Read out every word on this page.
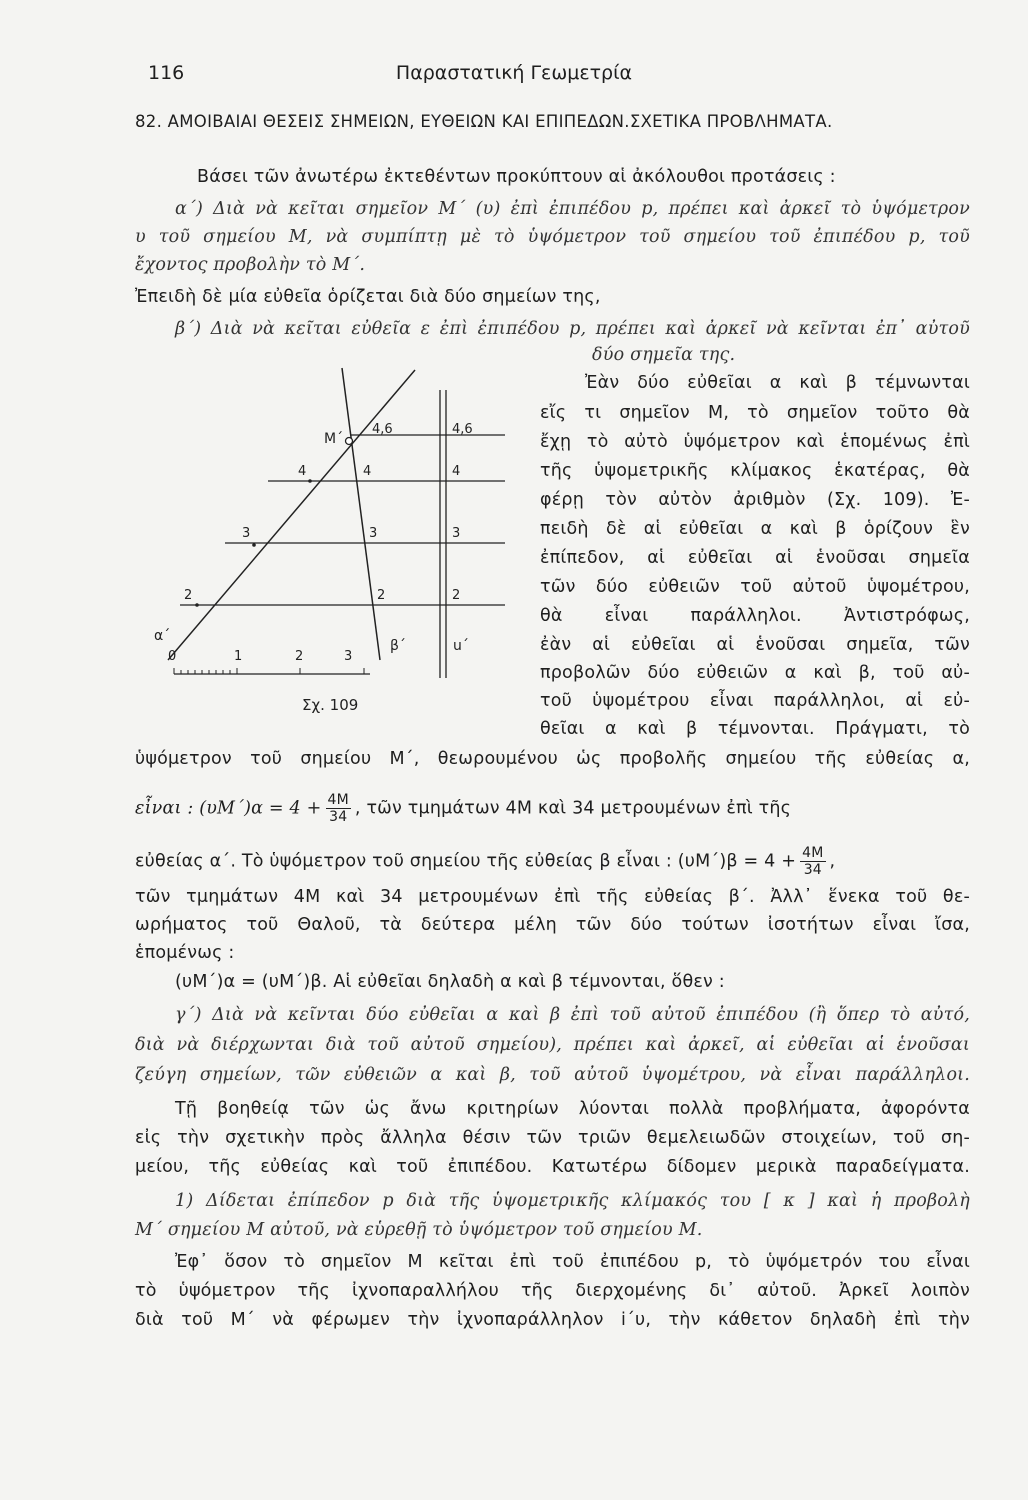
116	Παραστατική Γεωμετρία
82. ΑΜΟΙΒΑΙΑΙ ΘΕΣΕΙΣ ΣΗΜΕΙΩΝ, ΕΥΘΕΙΩΝ ΚΑΙ ΕΠΙΠΕΔΩΝ.ΣΧΕΤΙΚΑ ΠΡΟΒΛΗΜΑΤΑ.
Βάσει τῶν ἀνωτέρω ἐκτεθέντων προκύπτουν αἱ ἀκόλουθοι προτάσεις :
α΄) Διὰ νὰ κεῖται σημεῖον M΄ (υ) ἐπὶ ἐπιπέδου p, πρέπει καὶ ἀρκεῖ τὸ ὑψόμετρον
υ τοῦ σημείου M, νὰ συμπίπτῃ μὲ τὸ ὑψόμετρον τοῦ σημείου τοῦ ἐπιπέδου p, τοῦ
ἔχοντος προβολὴν τὸ M΄.
Ἐπειδὴ δὲ μία εὐθεῖα ὁρίζεται διὰ δύο σημείων της,
β΄) Διὰ νὰ κεῖται εὐθεῖα ε ἐπὶ ἐπιπέδου p, πρέπει καὶ ἀρκεῖ νὰ κεῖνται ἐπ᾽ αὐτοῦ
δύο σημεῖα της.
Ἐὰν δύο εὐθεῖαι α καὶ β τέμνωνται
εἴς τι σημεῖον M, τὸ σημεῖον τοῦτο θὰ
ἔχῃ τὸ αὐτὸ ὑψόμετρον καὶ ἑπομένως ἐπὶ
τῆς ὑψομετρικῆς κλίμακος ἑκατέρας, θὰ
φέρῃ τὸν αὐτὸν ἀριθμὸν (Σχ. 109). Ἐ-
πειδὴ δὲ αἱ εὐθεῖαι α καὶ β ὁρίζουν ἓν
ἐπίπεδον, αἱ εὐθεῖαι αἱ ἑνοῦσαι σημεῖα
τῶν δύο εὐθειῶν τοῦ αὐτοῦ ὑψομέτρου,
θὰ εἶναι παράλληλοι. Ἀντιστρόφως,
ἐὰν αἱ εὐθεῖαι αἱ ἑνοῦσαι σημεῖα, τῶν
προβολῶν δύο εὐθειῶν α καὶ β, τοῦ αὐ-
τοῦ ὑψομέτρου εἶναι παράλληλοι, αἱ εὐ-
θεῖαι α καὶ β τέμνονται. Πράγματι, τὸ
M΄
4,6	4,6
4	4	4
3	3	3
2	2	2
α΄
β΄	u΄
0	1	2	3
Σχ. 109
ὑψόμετρον τοῦ σημείου M΄, θεωρουμένου ὡς προβολῆς σημείου τῆς εὐθείας α,
εἶναι : $(\upsilon M΄)\alpha = 4 + \frac{4M}{34}$ , τῶν τμημάτων 4M καὶ 34 μετρουμένων ἐπὶ τῆς
εὐθείας α΄. Τὸ ὑψόμετρον τοῦ σημείου τῆς εὐθείας β εἶναι : $(\upsilon M΄)\beta = 4 + \frac{4M}{34}$ ,
τῶν τμημάτων 4M καὶ 34 μετρουμένων ἐπὶ τῆς εὐθείας β΄. Ἀλλ᾽ ἕνεκα τοῦ θε-
ωρήματος τοῦ Θαλοῦ, τὰ δεύτερα μέλη τῶν δύο τούτων ἰσοτήτων εἶναι ἴσα,
ἑπομένως :
(υM΄)α = (υM΄)β. Αἱ εὐθεῖαι δηλαδὴ α καὶ β τέμνονται, ὅθεν :
γ΄) Διὰ νὰ κεῖνται δύο εὐθεῖαι α καὶ β ἐπὶ τοῦ αὐτοῦ ἐπιπέδου (ἢ ὅπερ τὸ αὐτό,
διὰ νὰ διέρχωνται διὰ τοῦ αὐτοῦ σημείου), πρέπει καὶ ἀρκεῖ, αἱ εὐθεῖαι αἱ ἑνοῦσαι
ζεύγη σημείων, τῶν εὐθειῶν α καὶ β, τοῦ αὐτοῦ ὑψομέτρου, νὰ εἶναι παράλληλοι.
Τῇ βοηθείᾳ τῶν ὡς ἄνω κριτηρίων λύονται πολλὰ προβλήματα, ἀφορόντα
εἰς τὴν σχετικὴν πρὸς ἄλληλα θέσιν τῶν τριῶν θεμελειωδῶν στοιχείων, τοῦ ση-
μείου, τῆς εὐθείας καὶ τοῦ ἐπιπέδου. Κατωτέρω δίδομεν μερικὰ παραδείγματα.
1) Δίδεται ἐπίπεδον p διὰ τῆς ὑψομετρικῆς κλίμακός του [ κ ] καὶ ἡ προβολὴ
M΄ σημείου M αὐτοῦ, νὰ εὑρεθῇ τὸ ὑψόμετρον τοῦ σημείου M.
Ἐφ᾽ ὅσον τὸ σημεῖον M κεῖται ἐπὶ τοῦ ἐπιπέδου p, τὸ ὑψόμετρόν του εἶναι
τὸ ὑψόμετρον τῆς ἰχνοπαραλλήλου τῆς διερχομένης δι᾽ αὐτοῦ. Ἀρκεῖ λοιπὸν
διὰ τοῦ M΄ νὰ φέρωμεν τὴν ἰχνοπαράλληλον i΄υ, τὴν κάθετον δηλαδὴ ἐπὶ τὴν
